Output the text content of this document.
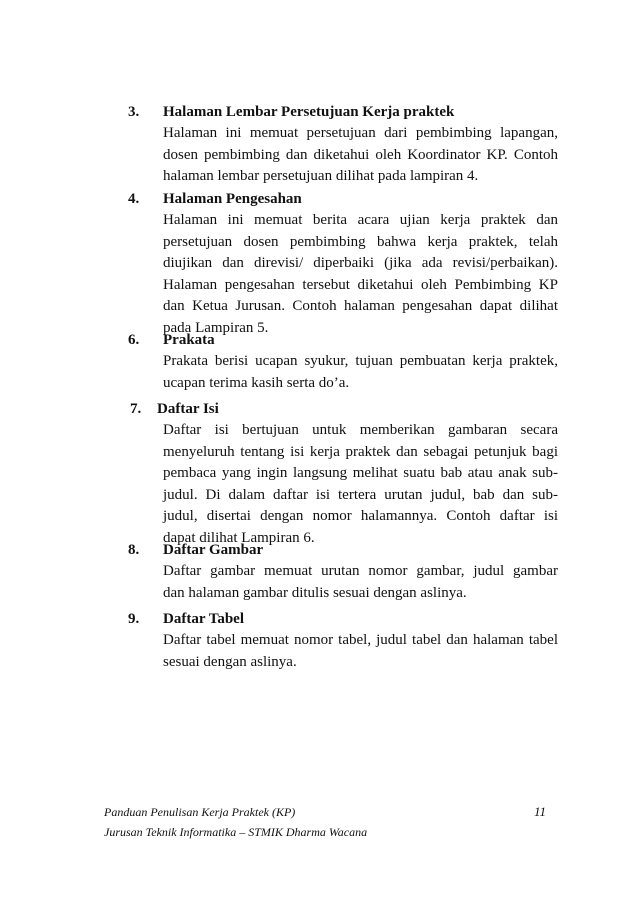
3. Halaman Lembar Persetujuan Kerja praktek
Halaman ini memuat persetujuan dari pembimbing lapangan,
dosen pembimbing dan diketahui oleh Koordinator KP. Contoh
halaman lembar persetujuan dilihat pada lampiran 4.
4. Halaman Pengesahan
Halaman ini memuat berita acara ujian kerja praktek dan
persetujuan dosen pembimbing bahwa kerja praktek, telah
diujikan dan direvisi/ diperbaiki (jika ada revisi/perbaikan).
Halaman pengesahan tersebut diketahui oleh Pembimbing KP
dan Ketua Jurusan. Contoh halaman pengesahan dapat dilihat
pada Lampiran 5.
6. Prakata
Prakata berisi ucapan syukur, tujuan pembuatan kerja praktek,
ucapan terima kasih serta do’a.
7. Daftar Isi
Daftar isi bertujuan untuk memberikan gambaran secara
menyeluruh tentang isi kerja praktek dan sebagai petunjuk bagi
pembaca yang ingin langsung melihat suatu bab atau anak sub-
judul. Di dalam daftar isi tertera urutan judul, bab dan sub-
judul, disertai dengan nomor halamannya. Contoh daftar isi
dapat dilihat Lampiran 6.
8. Daftar Gambar
Daftar gambar memuat urutan nomor gambar, judul gambar
dan halaman gambar ditulis sesuai dengan aslinya.
9. Daftar Tabel
Daftar tabel memuat nomor tabel, judul tabel dan halaman tabel
sesuai dengan aslinya.
Panduan Penulisan Kerja Praktek (KP)
Jurusan Teknik Informatika – STMIK Dharma Wacana
11
